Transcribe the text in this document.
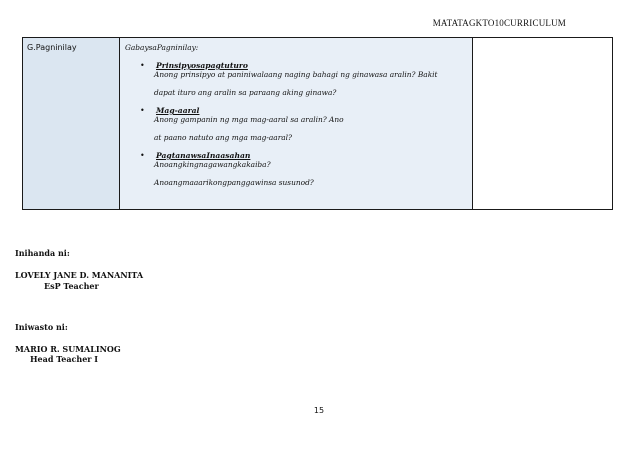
MATATAGKTO10CURRICULUM
G.Pagninilay	GabaysaPagninilay:
• Prinsipyosapagtuturo
Anong prinsipyo at paniniwalaang naging bahagi ng ginawasa aralin? Bakit
dapat ituro ang aralin sa paraang aking ginawa?
• Mag-aaral
Anong gampanin ng mga mag-aaral sa aralin? Ano
at paano natuto ang mga mag-aaral?
• PagtanawsaInaasahan
Anoangkingnagawangkakaiba?
Anoangmaaarikongpanggawinsa susunod?

Inihanda ni:

LOVELY JANE D. MANANITA

EsP Teacher

Iniwasto ni:

MARIO R. SUMALINOG

Head Teacher I

15
